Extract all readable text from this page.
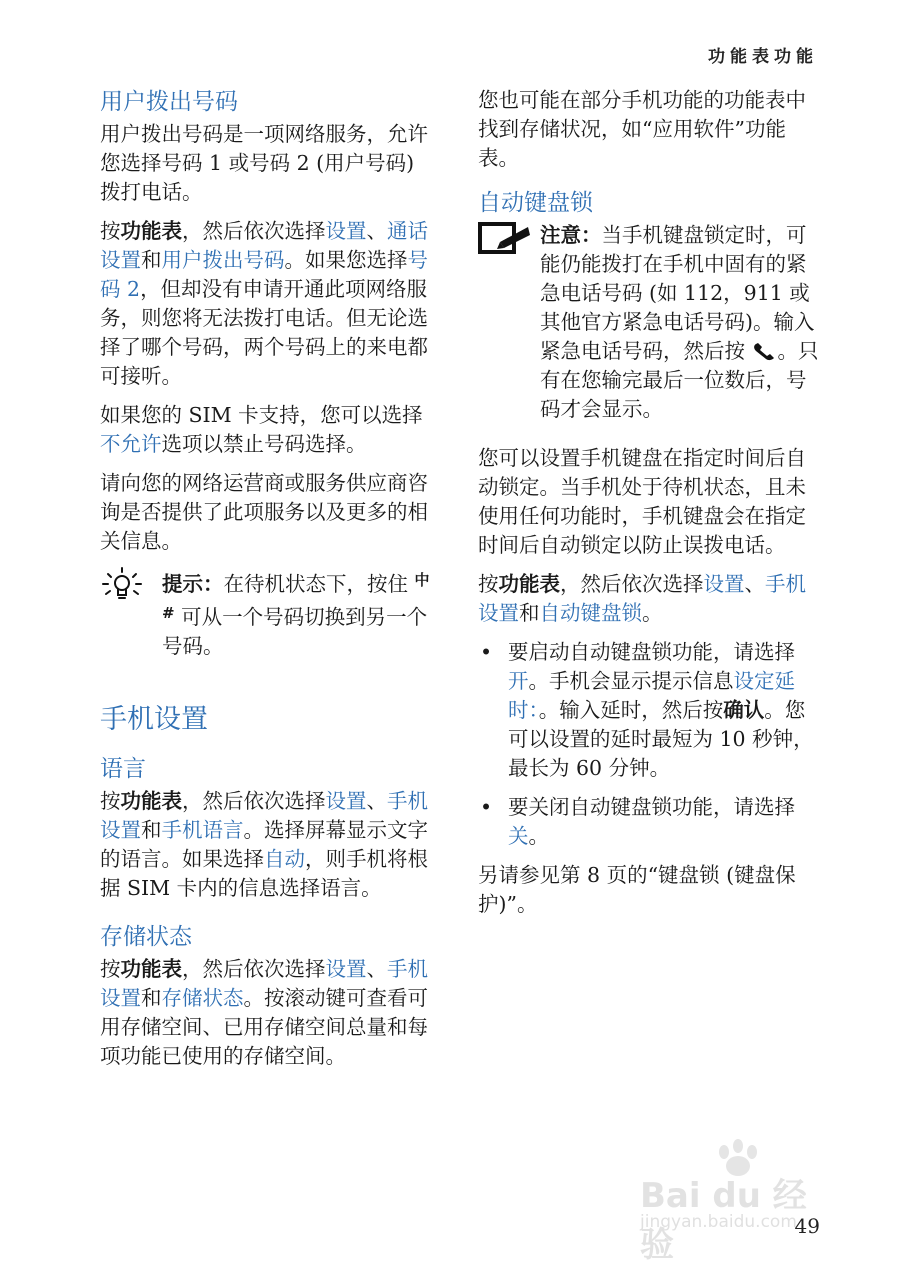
功能表功能
用户拨出号码

用户拨出号码是一项网络服务，允许您选择号码 1 或号码 2 (用户号码) 拨打电话。

按功能表，然后依次选择设置、通话设置和用户拨出号码。如果您选择号码 2，但却没有申请开通此项网络服务，则您将无法拨打电话。但无论选择了哪个号码，两个号码上的来电都可接听。

如果您的 SIM 卡支持，您可以选择不允许选项以禁止号码选择。

请向您的网络运营商或服务供应商咨询是否提供了此项服务以及更多的相关信息。

提示：在待机状态下，按住 $^{中\#}$ 可从一个号码切换到另一个号码。

手机设置
语言

按功能表，然后依次选择设置、手机设置和手机语言。选择屏幕显示文字的语言。如果选择自动，则手机将根据 SIM 卡内的信息选择语言。

存储状态

按功能表，然后依次选择设置、手机设置和存储状态。按滚动键可查看可用存储空间、已用存储空间总量和每项功能已使用的存储空间。

您也可能在部分手机功能的功能表中找到存储状况，如“应用软件”功能表。

自动键盘锁

注意：当手机键盘锁定时，可能仍能拨打在手机中固有的紧急电话号码 (如 112，911 或其他官方紧急电话号码)。输入紧急电话号码，然后按 。只有在您输完最后一位数后，号码才会显示。

您可以设置手机键盘在指定时间后自动锁定。当手机处于待机状态，且未使用任何功能时，手机键盘会在指定时间后自动锁定以防止误拨电话。

按功能表，然后依次选择设置、手机设置和自动键盘锁。

• 要启动自动键盘锁功能，请选择开。手机会显示提示信息设定延时：。输入延时，然后按确认。您可以设置的延时最短为 10 秒钟，最长为 60 分钟。
• 要关闭自动键盘锁功能，请选择关。

另请参见第 8 页的“键盘锁 (键盘保护)”。

Bai du 经验
jingyan.baidu.com
49
